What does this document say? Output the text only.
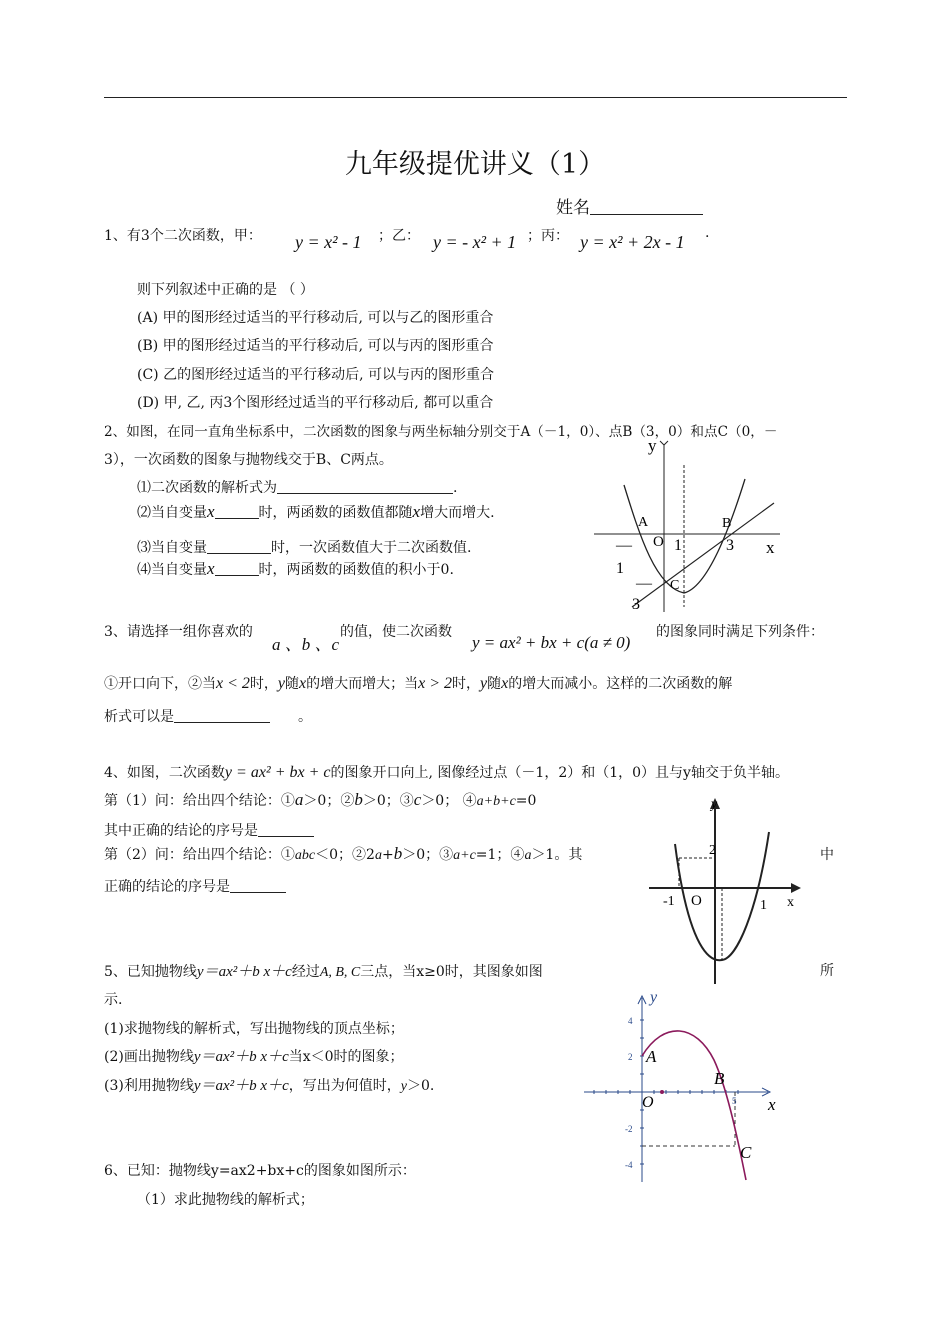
九年级提优讲义（1）
姓名
1、有3个二次函数，甲： y = x² - 1 ；乙： y = - x² + 1 ；丙： y = x² + 2x - 1 .
则下列叙述中正确的是 （ ）
(A) 甲的图形经过适当的平行移动后, 可以与乙的图形重合
(B) 甲的图形经过适当的平行移动后, 可以与丙的图形重合
(C) 乙的图形经过适当的平行移动后, 可以与丙的图形重合
(D) 甲, 乙, 丙3个图形经过适当的平行移动后, 都可以重合
2、如图，在同一直角坐标系中，二次函数的图象与两坐标轴分别交于A（－1，0）、点B（3，0）和点C（0，－
3），一次函数的图象与抛物线交于B、C两点。
⑴二次函数的解析式为	.
⑵当自变量x	时，两函数的函数值都随x增大而增大.
⑶当自变量	时，一次函数值大于二次函数值.
⑷当自变量x	时，两函数的函数值的积小于0.
y
x
A	B
C
O 1	3
—
1
—
3
3、请选择一组你喜欢的
a 、b 、c
的值，使二次函数
y = ax² + bx + c(a ≠ 0)
的图象同时满足下列条件：
①开口向下，②当x < 2时，y随x的增大而增大；当x > 2时，y随x的增大而减小。这样的二次函数的解
析式可以是	。
4、如图，二次函数y = ax² + bx + c的图象开口向上, 图像经过点（－1，2）和（1，0）且与y轴交于负半轴。
第（1）问：给出四个结论：①a＞0；②b＞0；③c＞0； ④a+b+c=0
其中正确的结论的序号是
第（2）问：给出四个结论：①abc＜0；②2a+b＞0；③a+c=1；④a＞1。其	中
正确的结论的序号是
y
x
2
-1	1
O
5、已知抛物线y＝ax²＋b x＋c经过A, B, C三点，当x≥0时，其图象如图	所
示.
(1)求抛物线的解析式，写出抛物线的顶点坐标；
(2)画出抛物线y＝ax²＋b x＋c当x＜0时的图象；
(3)利用抛物线y＝ax²＋b x＋c，写出为何值时，y＞0.
y
x
O
A
B
C
4
2
-2
-4
5
6、已知：抛物线y=ax2+bx+c的图象如图所示：
（1）求此抛物线的解析式；
